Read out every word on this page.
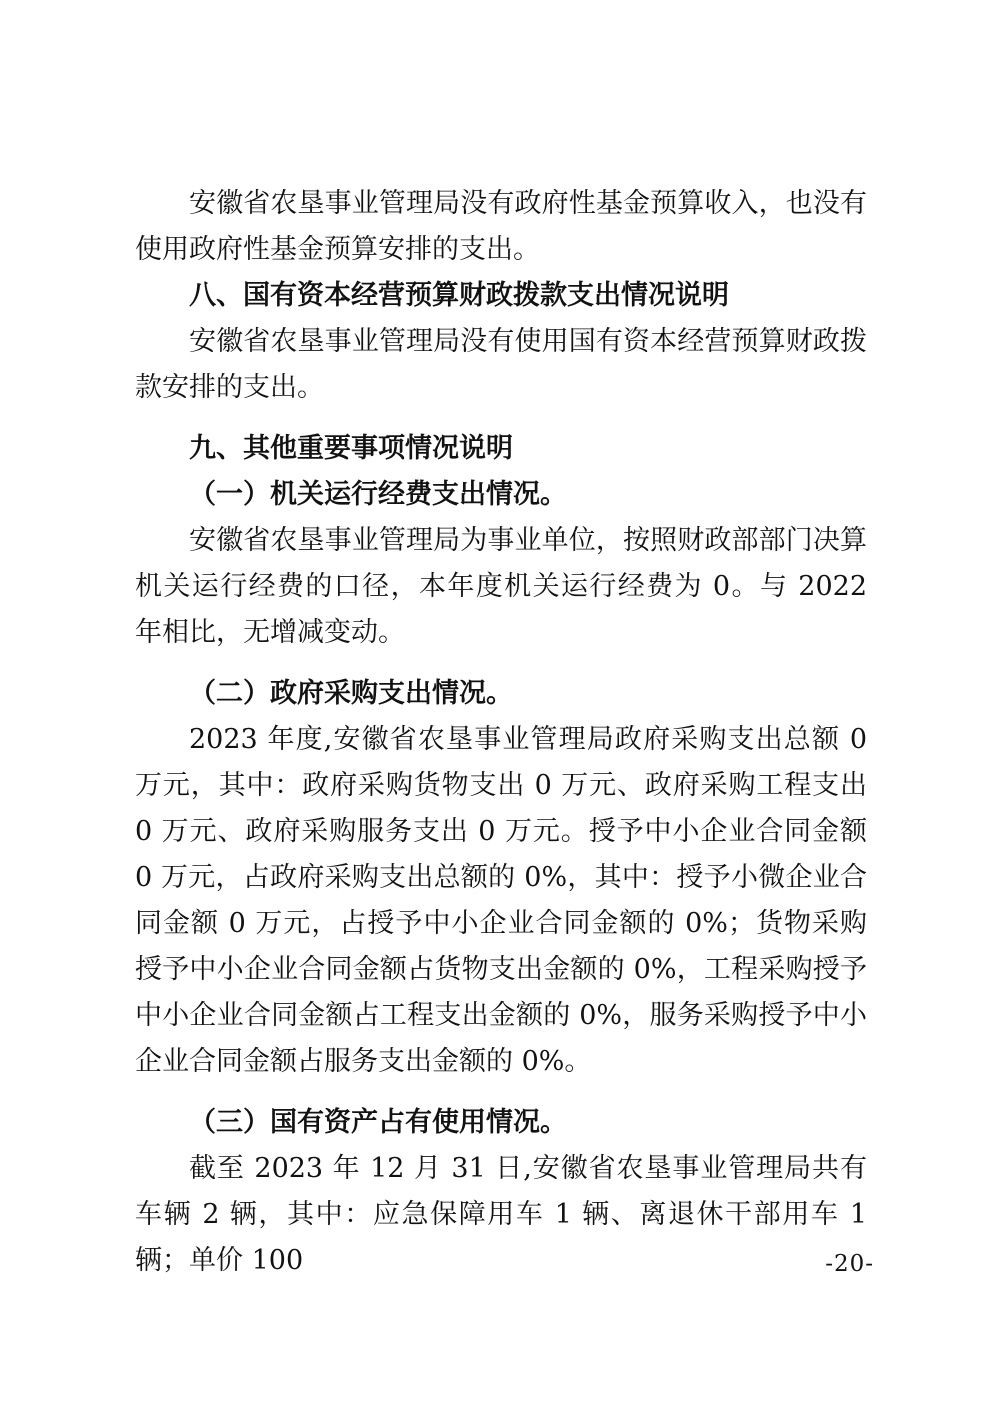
安徽省农垦事业管理局没有政府性基金预算收入，也没有使用政府性基金预算安排的支出。

八、国有资本经营预算财政拨款支出情况说明

安徽省农垦事业管理局没有使用国有资本经营预算财政拨款安排的支出。

九、其他重要事项情况说明

（一）机关运行经费支出情况。

安徽省农垦事业管理局为事业单位，按照财政部部门决算机关运行经费的口径，本年度机关运行经费为 0。与 2022 年相比，无增减变动。

（二）政府采购支出情况。

2023 年度,安徽省农垦事业管理局政府采购支出总额 0 万元，其中：政府采购货物支出 0 万元、政府采购工程支出 0 万元、政府采购服务支出 0 万元。授予中小企业合同金额 0 万元，占政府采购支出总额的 0%，其中：授予小微企业合同金额 0 万元，占授予中小企业合同金额的 0%；货物采购授予中小企业合同金额占货物支出金额的 0%，工程采购授予中小企业合同金额占工程支出金额的 0%，服务采购授予中小企业合同金额占服务支出金额的 0%。

（三）国有资产占有使用情况。

截至 2023 年 12 月 31 日,安徽省农垦事业管理局共有车辆 2 辆，其中：应急保障用车 1 辆、离退休干部用车 1 辆；单价 100	-20-
